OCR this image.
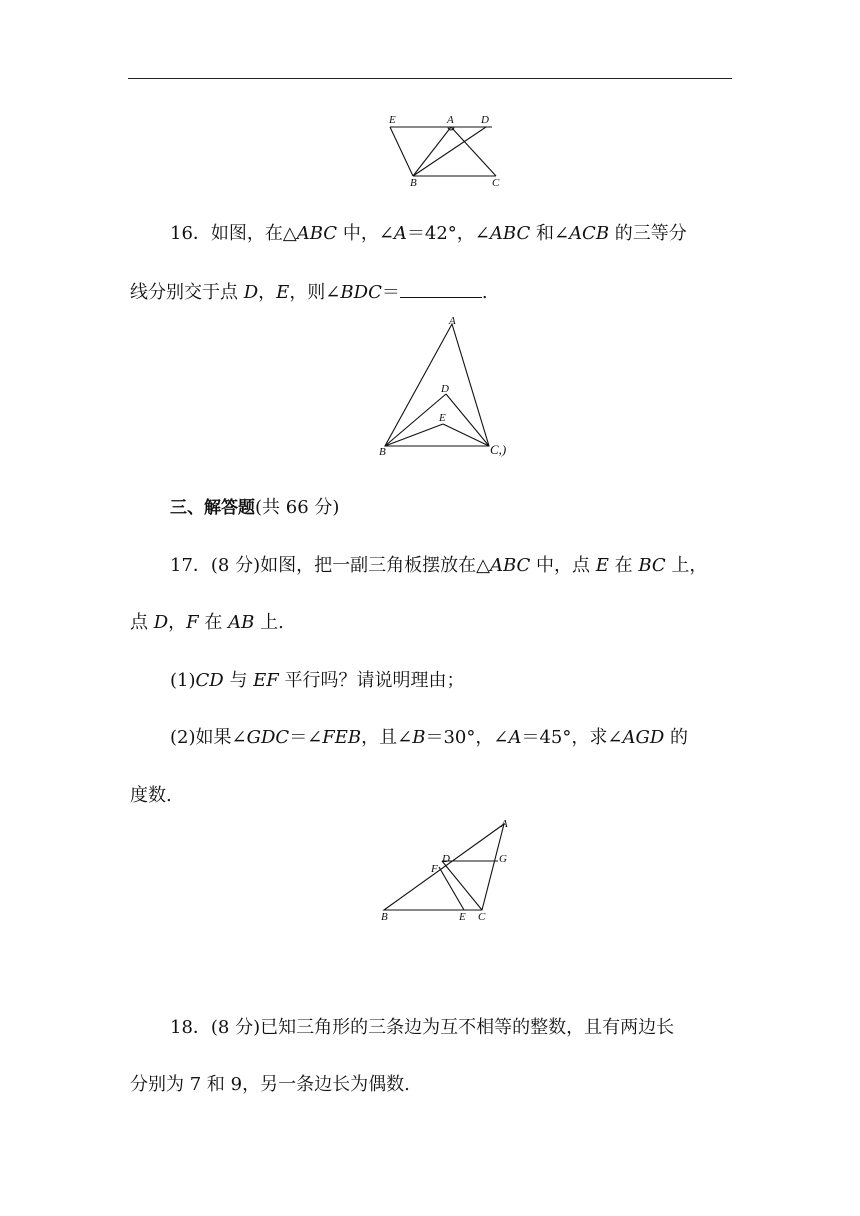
E	A D
B	C
16．如图，在△ABC 中，∠A＝42°，∠ABC 和∠ACB 的三等分
线分别交于点 D，E，则∠BDC＝	.
A
D
E
B	C,)
三、解答题(共 66 分)
17．(8 分)如图，把一副三角板摆放在△ABC 中，点 E 在 BC 上，
点 D，F 在 AB 上.
(1)CD 与 EF 平行吗？请说明理由；
(2)如果∠GDC＝∠FEB，且∠B＝30°，∠A＝45°，求∠AGD 的
度数.
A
D	G
F
B	E C
18．(8 分)已知三角形的三条边为互不相等的整数，且有两边长
分别为 7 和 9，另一条边长为偶数.
